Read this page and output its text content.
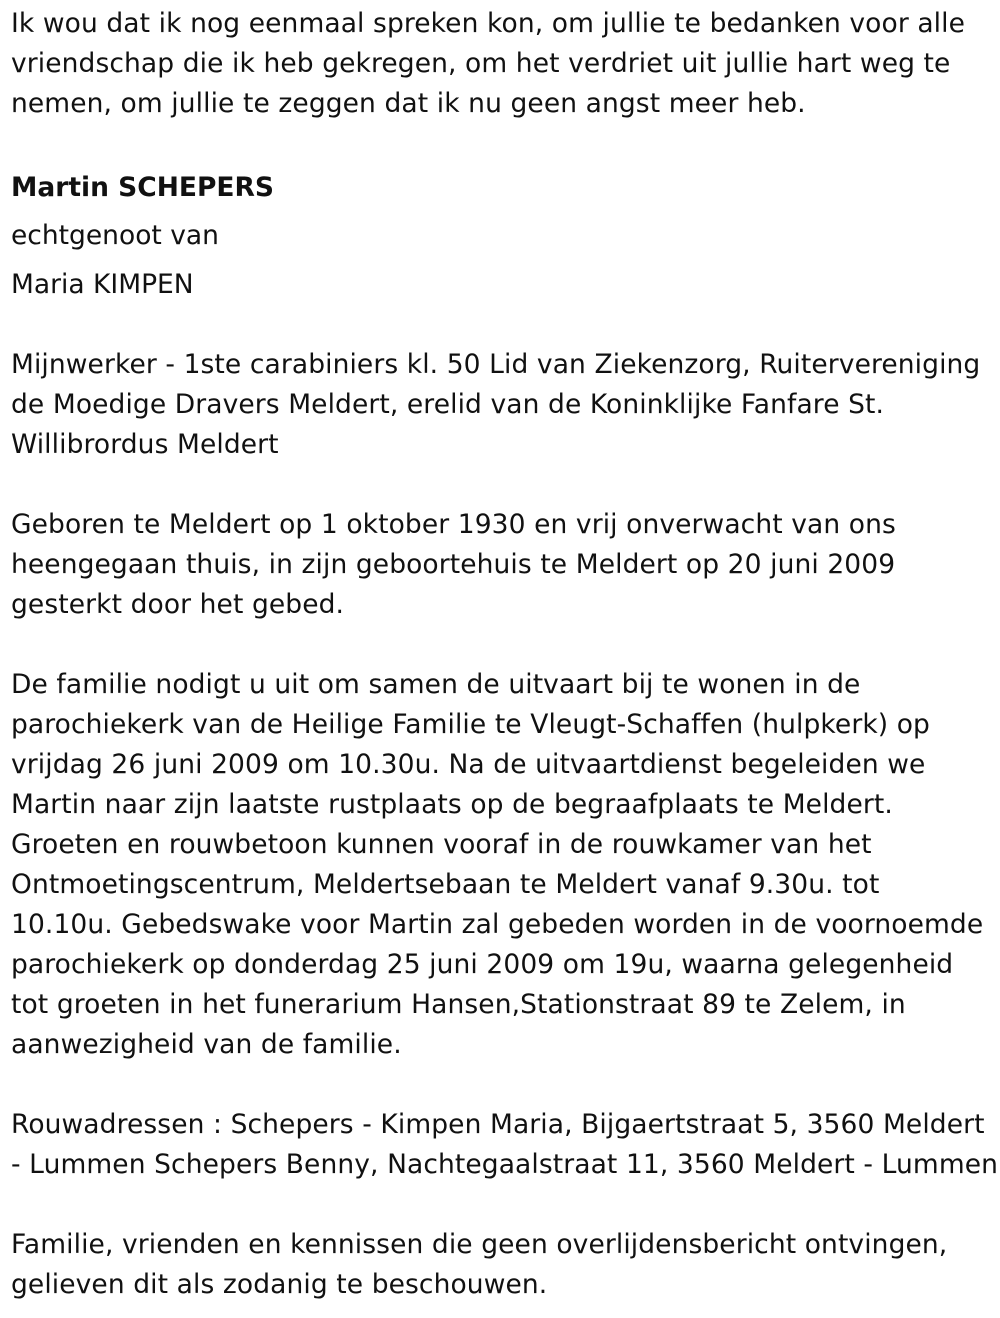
Ik wou dat ik nog eenmaal spreken kon, om jullie te bedanken voor alle
vriendschap die ik heb gekregen, om het verdriet uit jullie hart weg te
nemen, om jullie te zeggen dat ik nu geen angst meer heb.

Martin SCHEPERS
echtgenoot van
Maria KIMPEN

Mijnwerker - 1ste carabiniers kl. 50 Lid van Ziekenzorg, Ruitervereniging
de Moedige Dravers Meldert, erelid van de Koninklijke Fanfare St.
Willibrordus Meldert

Geboren te Meldert op 1 oktober 1930 en vrij onverwacht van ons
heengegaan thuis, in zijn geboortehuis te Meldert op 20 juni 2009
gesterkt door het gebed.

De familie nodigt u uit om samen de uitvaart bij te wonen in de
parochiekerk van de Heilige Familie te Vleugt-Schaffen (hulpkerk) op
vrijdag 26 juni 2009 om 10.30u. Na de uitvaartdienst begeleiden we
Martin naar zijn laatste rustplaats op de begraafplaats te Meldert.
Groeten en rouwbetoon kunnen vooraf in de rouwkamer van het
Ontmoetingscentrum, Meldertsebaan te Meldert vanaf 9.30u. tot
10.10u. Gebedswake voor Martin zal gebeden worden in de voornoemde
parochiekerk op donderdag 25 juni 2009 om 19u, waarna gelegenheid
tot groeten in het funerarium Hansen,Stationstraat 89 te Zelem, in
aanwezigheid van de familie.

Rouwadressen : Schepers - Kimpen Maria, Bijgaertstraat 5, 3560 Meldert
- Lummen Schepers Benny, Nachtegaalstraat 11, 3560 Meldert - Lummen

Familie, vrienden en kennissen die geen overlijdensbericht ontvingen,
gelieven dit als zodanig te beschouwen.
